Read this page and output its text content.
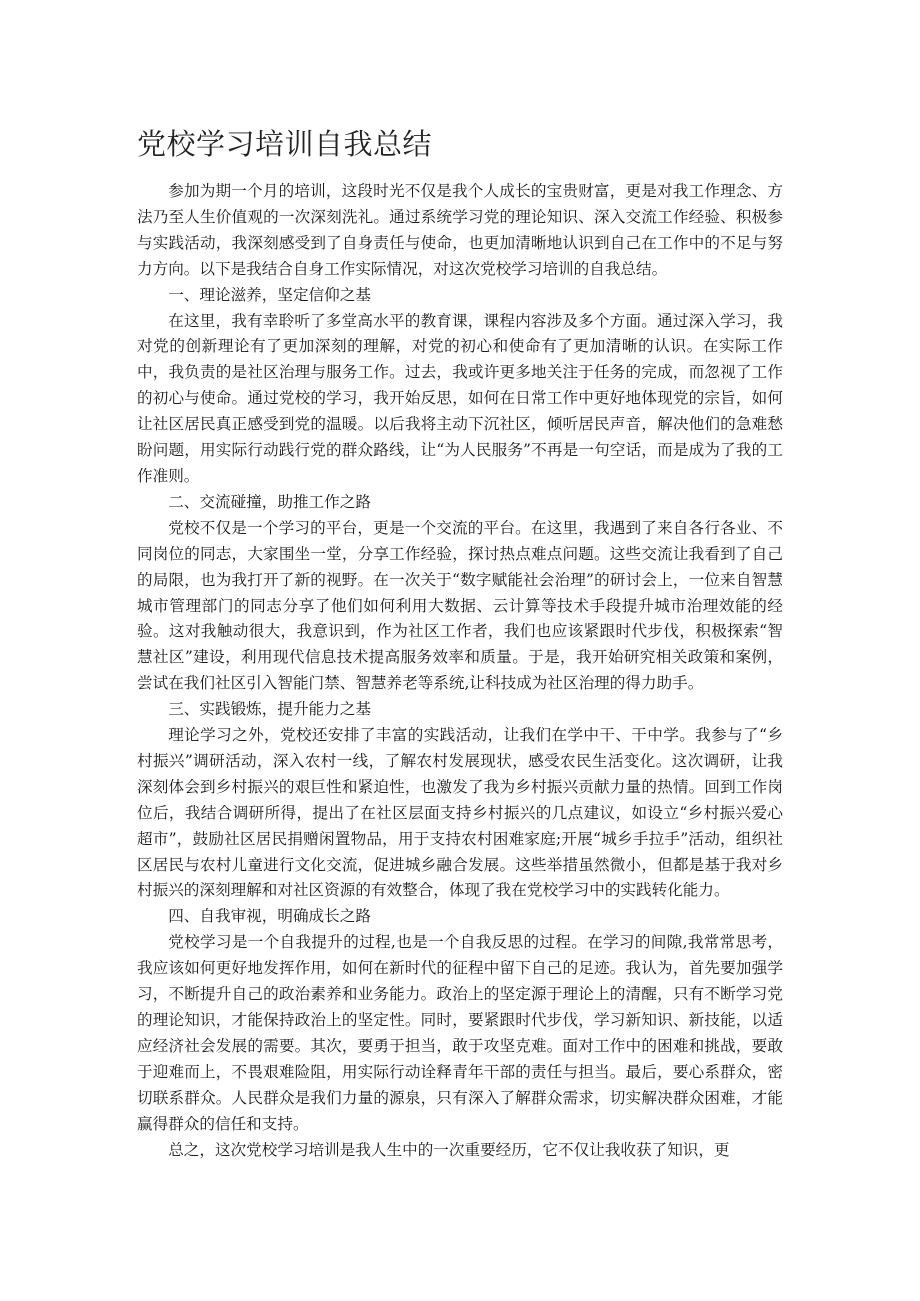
党校学习培训自我总结

参加为期一个月的培训，这段时光不仅是我个人成长的宝贵财富，更是对我工作理念、方法乃至人生价值观的一次深刻洗礼。通过系统学习党的理论知识、深入交流工作经验、积极参与实践活动，我深刻感受到了自身责任与使命，也更加清晰地认识到自己在工作中的不足与努力方向。以下是我结合自身工作实际情况，对这次党校学习培训的自我总结。

一、理论滋养，坚定信仰之基

在这里，我有幸聆听了多堂高水平的教育课，课程内容涉及多个方面。通过深入学习，我对党的创新理论有了更加深刻的理解，对党的初心和使命有了更加清晰的认识。在实际工作中，我负责的是社区治理与服务工作。过去，我或许更多地关注于任务的完成，而忽视了工作的初心与使命。通过党校的学习，我开始反思，如何在日常工作中更好地体现党的宗旨，如何让社区居民真正感受到党的温暖。以后我将主动下沉社区，倾听居民声音，解决他们的急难愁盼问题，用实际行动践行党的群众路线，让“为人民服务”不再是一句空话，而是成为了我的工作准则。

二、交流碰撞，助推工作之路

党校不仅是一个学习的平台，更是一个交流的平台。在这里，我遇到了来自各行各业、不同岗位的同志，大家围坐一堂，分享工作经验，探讨热点难点问题。这些交流让我看到了自己的局限，也为我打开了新的视野。在一次关于“数字赋能社会治理”的研讨会上，一位来自智慧城市管理部门的同志分享了他们如何利用大数据、云计算等技术手段提升城市治理效能的经验。这对我触动很大，我意识到，作为社区工作者，我们也应该紧跟时代步伐，积极探索“智慧社区”建设，利用现代信息技术提高服务效率和质量。于是，我开始研究相关政策和案例，尝试在我们社区引入智能门禁、智慧养老等系统,让科技成为社区治理的得力助手。

三、实践锻炼，提升能力之基

理论学习之外，党校还安排了丰富的实践活动，让我们在学中干、干中学。我参与了“乡村振兴”调研活动，深入农村一线，了解农村发展现状，感受农民生活变化。这次调研，让我深刻体会到乡村振兴的艰巨性和紧迫性，也激发了我为乡村振兴贡献力量的热情。回到工作岗位后，我结合调研所得，提出了在社区层面支持乡村振兴的几点建议，如设立“乡村振兴爱心超市”，鼓励社区居民捐赠闲置物品，用于支持农村困难家庭;开展“城乡手拉手”活动，组织社区居民与农村儿童进行文化交流，促进城乡融合发展。这些举措虽然微小，但都是基于我对乡村振兴的深刻理解和对社区资源的有效整合，体现了我在党校学习中的实践转化能力。

四、自我审视，明确成长之路

党校学习是一个自我提升的过程,也是一个自我反思的过程。在学习的间隙,我常常思考，我应该如何更好地发挥作用，如何在新时代的征程中留下自己的足迹。我认为，首先要加强学习，不断提升自己的政治素养和业务能力。政治上的坚定源于理论上的清醒，只有不断学习党的理论知识，才能保持政治上的坚定性。同时，要紧跟时代步伐，学习新知识、新技能，以适应经济社会发展的需要。其次，要勇于担当，敢于攻坚克难。面对工作中的困难和挑战，要敢于迎难而上，不畏艰难险阻，用实际行动诠释青年干部的责任与担当。最后，要心系群众，密切联系群众。人民群众是我们力量的源泉，只有深入了解群众需求，切实解决群众困难，才能赢得群众的信任和支持。

总之，这次党校学习培训是我人生中的一次重要经历，它不仅让我收获了知识，更
